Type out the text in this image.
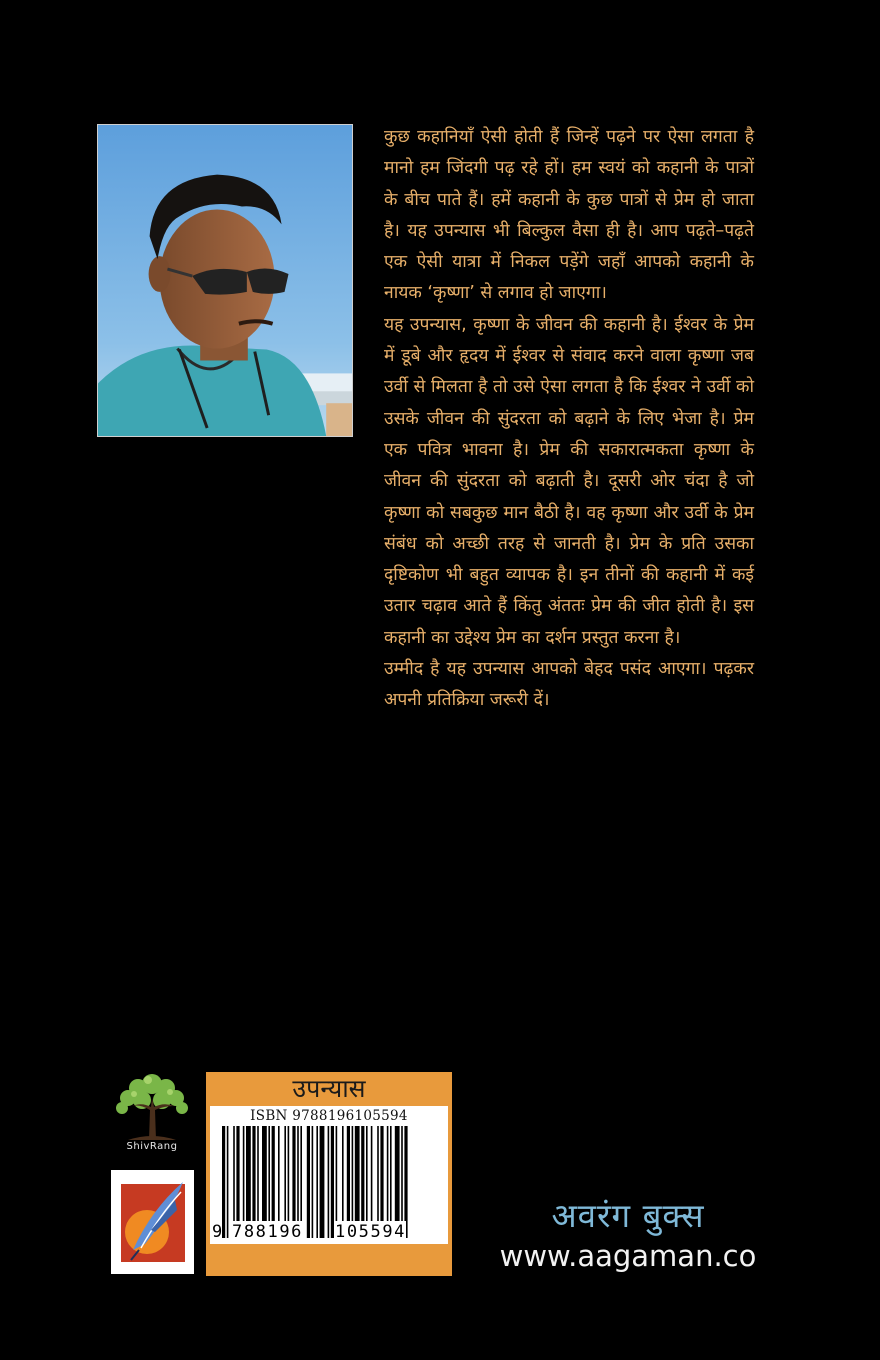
कुछ कहानियाँ ऐसी होती हैं जिन्हें पढ़ने पर ऐसा लगता है मानो हम जिंदगी पढ़ रहे हों। हम स्वयं को कहानी के पात्रों के बीच पाते हैं। हमें कहानी के कुछ पात्रों से प्रेम हो जाता है। यह उपन्यास भी बिल्कुल वैसा ही है। आप पढ़ते–पढ़ते एक ऐसी यात्रा में निकल पड़ेंगे जहाँ आपको कहानी के नायक ‘कृष्णा’ से लगाव हो जाएगा।

यह उपन्यास, कृष्णा के जीवन की कहानी है। ईश्वर के प्रेम में डूबे और हृदय में ईश्वर से संवाद करने वाला कृष्णा जब उर्वी से मिलता है तो उसे ऐसा लगता है कि ईश्वर ने उर्वी को उसके जीवन की सुंदरता को बढ़ाने के लिए भेजा है। प्रेम एक पवित्र भावना है। प्रेम की सकारात्मकता कृष्णा के जीवन की सुंदरता को बढ़ाती है। दूसरी ओर चंदा है जो कृष्णा को सबकुछ मान बैठी है। वह कृष्णा और उर्वी के प्रेम संबंध को अच्छी तरह से जानती है। प्रेम के प्रति उसका दृष्टिकोण भी बहुत व्यापक है। इन तीनों की कहानी में कई उतार चढ़ाव आते हैं किंतु अंततः प्रेम की जीत होती है। इस कहानी का उद्देश्य प्रेम का दर्शन प्रस्तुत करना है।

उम्मीद है यह उपन्यास आपको बेहद पसंद आएगा। पढ़कर अपनी प्रतिक्रिया जरूरी दें।

ShivRang
उपन्यास
ISBN 9788196105594
9 788196 105594	अवरंग बुक्स
www.aagaman.co
